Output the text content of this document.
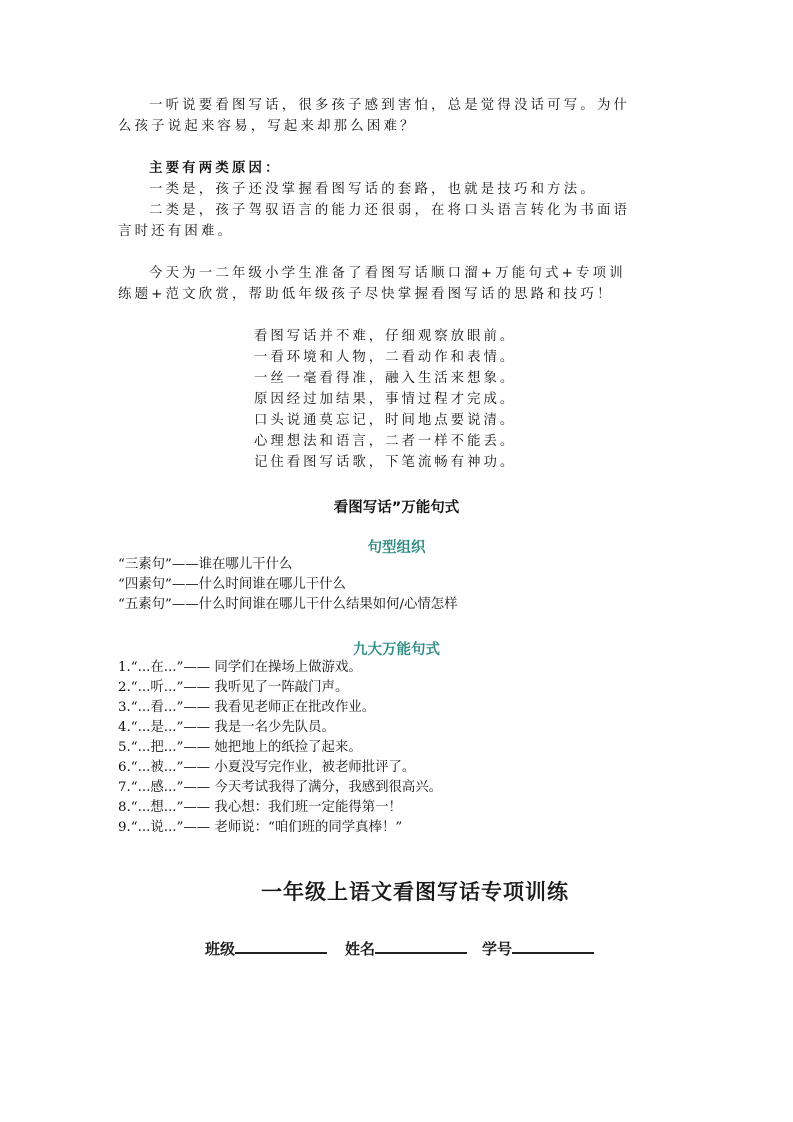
一听说要看图写话，很多孩子感到害怕，总是觉得没话可写。为什
么孩子说起来容易，写起来却那么困难？
主要有两类原因：
一类是，孩子还没掌握看图写话的套路，也就是技巧和方法。
二类是，孩子驾驭语言的能力还很弱，在将口头语言转化为书面语
言时还有困难。
今天为一二年级小学生准备了看图写话顺口溜+万能句式+专项训
练题+范文欣赏，帮助低年级孩子尽快掌握看图写话的思路和技巧！
看图写话并不难，仔细观察放眼前。
一看环境和人物，二看动作和表情。
一丝一毫看得准，融入生活来想象。
原因经过加结果，事情过程才完成。
口头说通莫忘记，时间地点要说清。
心理想法和语言，二者一样不能丢。
记住看图写话歌，下笔流畅有神功。
看图写话”万能句式
句型组织
“三素句”——谁在哪儿干什么
“四素句”——什么时间谁在哪儿干什么
“五素句”——什么时间谁在哪儿干什么结果如何/心情怎样
九大万能句式
1.“...在...”—— 同学们在操场上做游戏。
2.“...听...”—— 我听见了一阵敲门声。
3.“...看...”—— 我看见老师正在批改作业。
4.“...是...”—— 我是一名少先队员。
5.“...把...”—— 她把地上的纸捡了起来。
6.“...被...”—— 小夏没写完作业，被老师批评了。
7.“...感...”—— 今天考试我得了满分，我感到很高兴。
8.“...想...”—— 我心想：我们班一定能得第一！
9.“...说...”—— 老师说：“咱们班的同学真棒！”
一年级上语文看图写话专项训练
班级	姓名	学号
